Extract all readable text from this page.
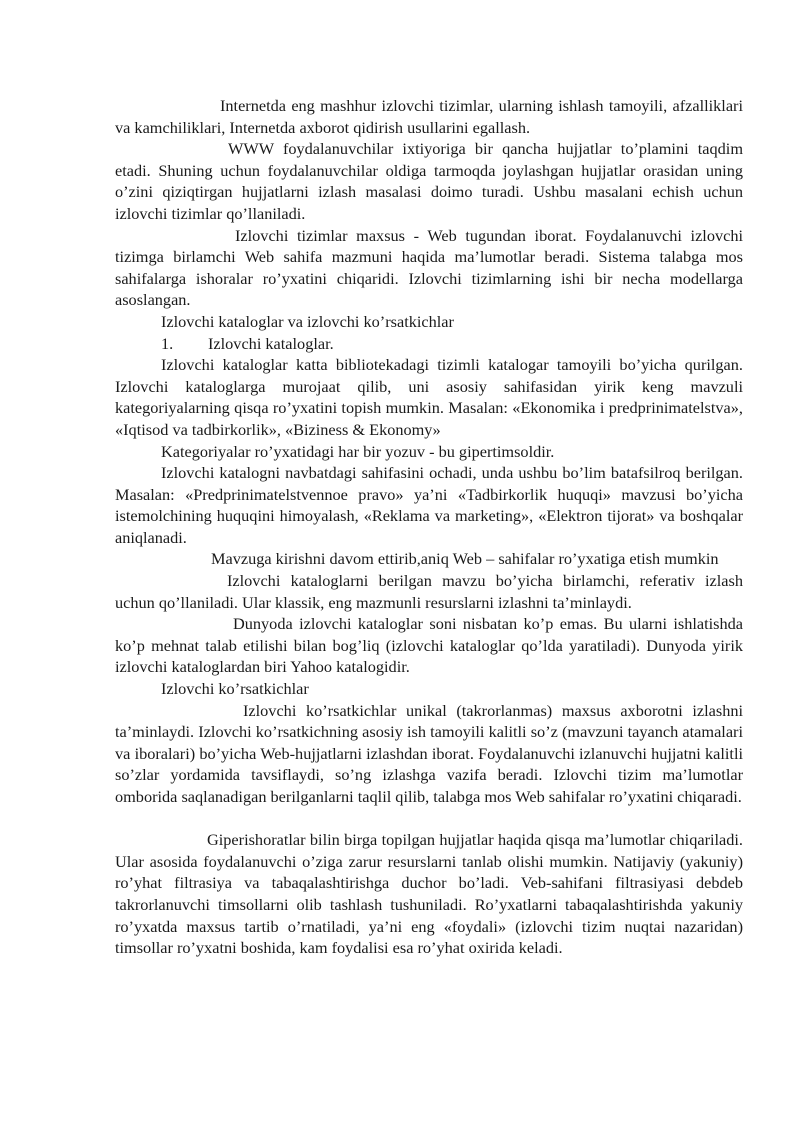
Internetda eng mashhur izlovchi tizimlar, ularning ishlash tamoyili, afzalliklari va kamchiliklari, Internetda axborot qidirish usullarini egallash.

WWW foydalanuvchilar ixtiyoriga bir qancha hujjatlar to’plamini taqdim etadi. Shuning uchun foydalanuvchilar oldiga tarmoqda joylashgan hujjatlar orasidan uning o’zini qiziqtirgan hujjatlarni izlash masalasi doimo turadi. Ushbu masalani echish uchun izlovchi tizimlar qo’llaniladi.

Izlovchi tizimlar maxsus - Web tugundan iborat. Foydalanuvchi izlovchi tizimga birlamchi Web sahifa mazmuni haqida ma’lumotlar beradi. Sistema talabga mos sahifalarga ishoralar ro’yxatini chiqaridi. Izlovchi tizimlarning ishi bir necha modellarga asoslangan.

Izlovchi kataloglar va izlovchi ko’rsatkichlar

1. Izlovchi kataloglar.

Izlovchi kataloglar katta bibliotekadagi tizimli katalogar tamoyili bo’yicha qurilgan. Izlovchi kataloglarga murojaat qilib, uni asosiy sahifasidan yirik keng mavzuli kategoriyalarning qisqa ro’yxatini topish mumkin. Masalan: «Ekonomika i predprinimatelstva», «Iqtisod va tadbirkorlik», «Biziness & Ekonomy»

Kategoriyalar ro’yxatidagi har bir yozuv - bu gipertimsoldir.

Izlovchi katalogni navbatdagi sahifasini ochadi, unda ushbu bo’lim batafsilroq berilgan. Masalan: «Predprinimatelstvennoe pravo» ya’ni «Tadbirkorlik huquqi» mavzusi bo’yicha istemolchining huquqini himoyalash, «Reklama va marketing», «Elektron tijorat» va boshqalar aniqlanadi.

Mavzuga kirishni davom ettirib,aniq Web – sahifalar ro’yxatiga etish mumkin

Izlovchi kataloglarni berilgan mavzu bo’yicha birlamchi, referativ izlash uchun qo’llaniladi. Ular klassik, eng mazmunli resurslarni izlashni ta’minlaydi.

Dunyoda izlovchi kataloglar soni nisbatan ko’p emas. Bu ularni ishlatishda ko’p mehnat talab etilishi bilan bog’liq (izlovchi kataloglar qo’lda yaratiladi). Dunyoda yirik izlovchi kataloglardan biri Yahoo katalogidir.

Izlovchi ko’rsatkichlar

Izlovchi ko’rsatkichlar unikal (takrorlanmas) maxsus axborotni izlashni ta’minlaydi. Izlovchi ko’rsatkichning asosiy ish tamoyili kalitli so’z (mavzuni tayanch atamalari va iboralari) bo’yicha Web-hujjatlarni izlashdan iborat. Foydalanuvchi izlanuvchi hujjatni kalitli so’zlar yordamida tavsiflaydi, so’ng izlashga vazifa beradi. Izlovchi tizim ma’lumotlar omborida saqlanadigan berilganlarni taqlil qilib, talabga mos Web sahifalar ro’yxatini chiqaradi.

Giperishoratlar bilin birga topilgan hujjatlar haqida qisqa ma’lumotlar chiqariladi. Ular asosida foydalanuvchi o’ziga zarur resurslarni tanlab olishi mumkin. Natijaviy (yakuniy) ro’yhat filtrasiya va tabaqalashtirishga duchor bo’ladi. Veb-sahifani filtrasiyasi debdeb takrorlanuvchi timsollarni olib tashlash tushuniladi. Ro’yxatlarni tabaqalashtirishda yakuniy ro’yxatda maxsus tartib o’rnatiladi, ya’ni eng «foydali» (izlovchi tizim nuqtai nazaridan) timsollar ro’yxatni boshida, kam foydalisi esa ro’yhat oxirida keladi.
